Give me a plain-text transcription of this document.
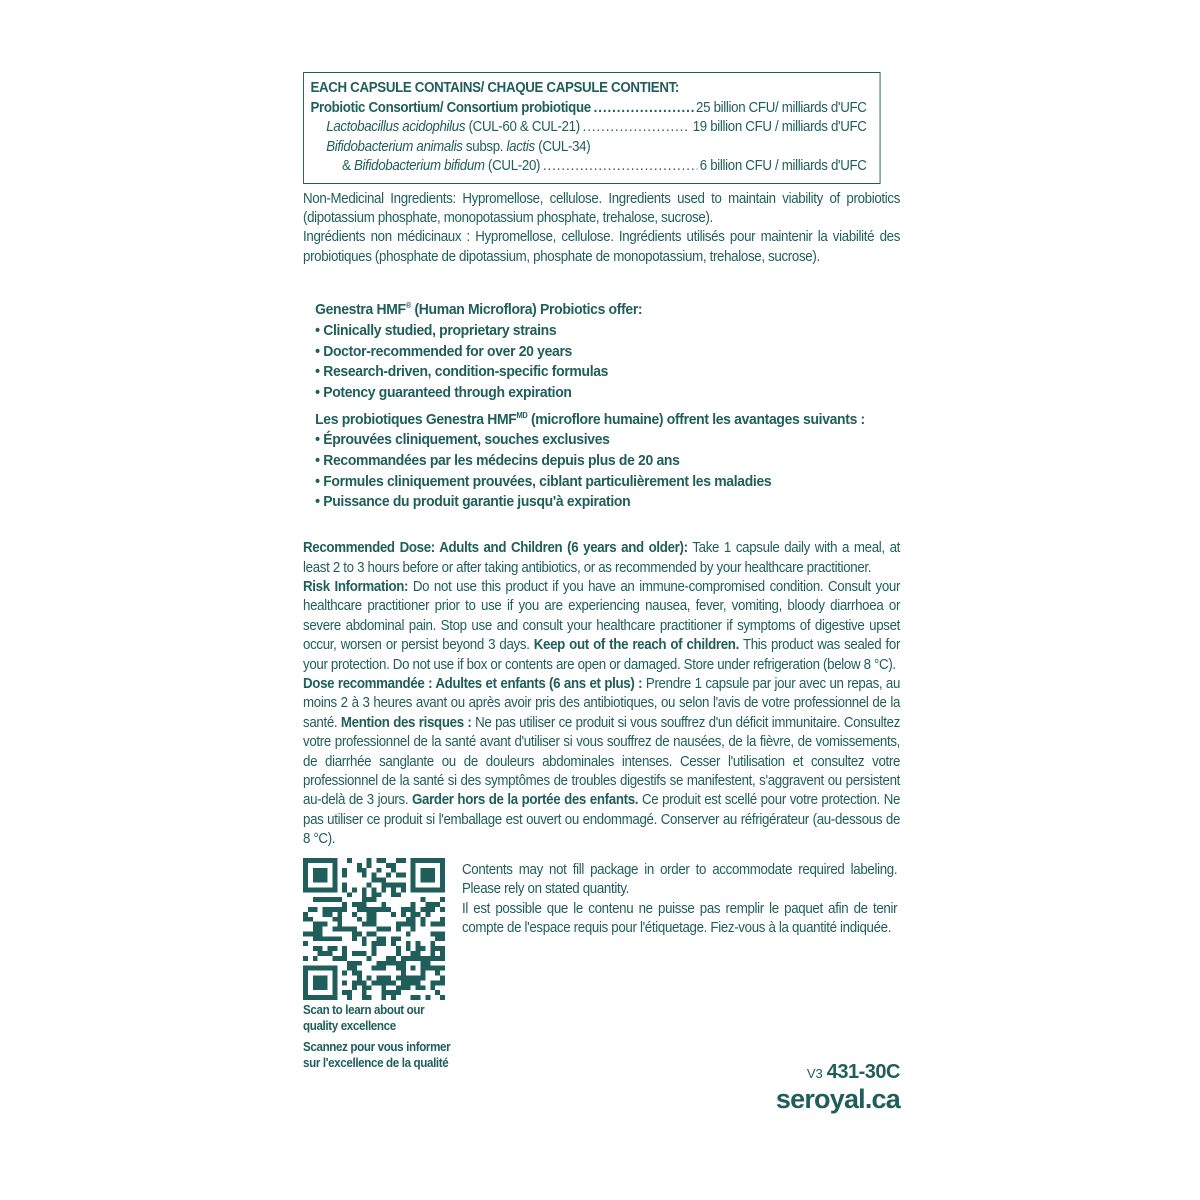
EACH CAPSULE CONTAINS/ CHAQUE CAPSULE CONTIENT:
Probiotic Consortium/ Consortium probiotique .....	25 billion CFU/ milliards d'UFC
Lactobacillus acidophilus (CUL-60 & CUL-21) .....	19 billion CFU / milliards d'UFC
Bifidobacterium animalis subsp. lactis (CUL-34)
& Bifidobacterium bifidum (CUL-20) .....	6 billion CFU / milliards d'UFC

Non-Medicinal Ingredients: Hypromellose, cellulose. Ingredients used to maintain viability of probiotics (dipotassium phosphate, monopotassium phosphate, trehalose, sucrose).

Ingrédients non médicinaux : Hypromellose, cellulose. Ingrédients utilisés pour maintenir la viabilité des probiotiques (phosphate de dipotassium, phosphate de monopotassium, trehalose, sucrose).

Genestra HMF® (Human Microflora) Probiotics offer:
• Clinically studied, proprietary strains
• Doctor-recommended for over 20 years
• Research-driven, condition-specific formulas
• Potency guaranteed through expiration
Les probiotiques Genestra $HMF^{MD}$ (microflore humaine) offrent les avantages suivants :
• Éprouvées cliniquement, souches exclusives
• Recommandées par les médecins depuis plus de 20 ans
• Formules cliniquement prouvées, ciblant particulièrement les maladies
• Puissance du produit garantie jusqu'à expiration

Recommended Dose: Adults and Children (6 years and older): Take 1 capsule daily with a meal, at least 2 to 3 hours before or after taking antibiotics, or as recommended by your healthcare practitioner.

Risk Information: Do not use this product if you have an immune-compromised condition. Consult your healthcare practitioner prior to use if you are experiencing nausea, fever, vomiting, bloody diarrhoea or severe abdominal pain. Stop use and consult your healthcare practitioner if symptoms of digestive upset occur, worsen or persist beyond 3 days. Keep out of the reach of children. This product was sealed for your protection. Do not use if box or contents are open or damaged. Store under refrigeration (below 8 °C).

Dose recommandée : Adultes et enfants (6 ans et plus) : Prendre 1 capsule par jour avec un repas, au moins 2 à 3 heures avant ou après avoir pris des antibiotiques, ou selon l'avis de votre professionnel de la santé. Mention des risques : Ne pas utiliser ce produit si vous souffrez d'un déficit immunitaire. Consultez votre professionnel de la santé avant d'utiliser si vous souffrez de nausées, de la fièvre, de vomissements, de diarrhée sanglante ou de douleurs abdominales intenses. Cesser l'utilisation et consultez votre professionnel de la santé si des symptômes de troubles digestifs se manifestent, s'aggravent ou persistent au-delà de 3 jours. Garder hors de la portée des enfants. Ce produit est scellé pour votre protection. Ne pas utiliser ce produit si l'emballage est ouvert ou endommagé. Conserver au réfrigérateur (au-dessous de 8 °C).

Scan to learn about our quality excellence

Scannez pour vous informer sur l'excellence de la qualité

Contents may not fill package in order to accommodate required labeling. Please rely on stated quantity.

Il est possible que le contenu ne puisse pas remplir le paquet afin de tenir compte de l'espace requis pour l'étiquetage. Fiez-vous à la quantité indiquée.

V3 431-30C
seroyal.ca
